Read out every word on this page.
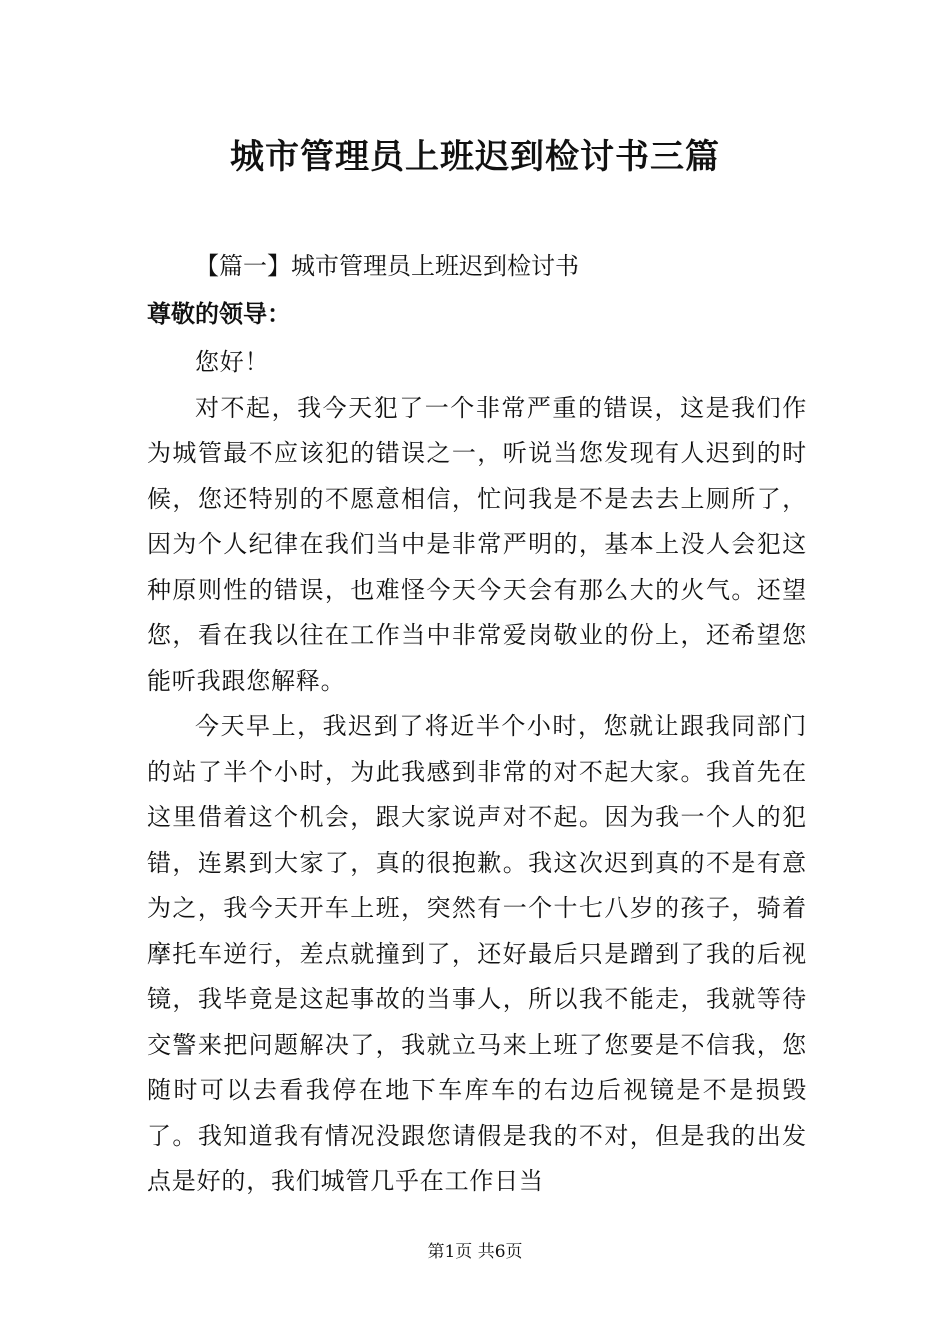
城市管理员上班迟到检讨书三篇

【篇一】城市管理员上班迟到检讨书

尊敬的领导：

您好！

对不起，我今天犯了一个非常严重的错误，这是我们作为城管最不应该犯的错误之一，听说当您发现有人迟到的时候，您还特别的不愿意相信，忙问我是不是去去上厕所了，因为个人纪律在我们当中是非常严明的，基本上没人会犯这种原则性的错误，也难怪今天今天会有那么大的火气。还望您，看在我以往在工作当中非常爱岗敬业的份上，还希望您能听我跟您解释。

今天早上，我迟到了将近半个小时，您就让跟我同部门的站了半个小时，为此我感到非常的对不起大家。我首先在这里借着这个机会，跟大家说声对不起。因为我一个人的犯错，连累到大家了，真的很抱歉。我这次迟到真的不是有意为之，我今天开车上班，突然有一个十七八岁的孩子，骑着摩托车逆行，差点就撞到了，还好最后只是蹭到了我的后视镜，我毕竟是这起事故的当事人，所以我不能走，我就等待交警来把问题解决了，我就立马来上班了您要是不信我，您随时可以去看我停在地下车库车的右边后视镜是不是损毁了。我知道我有情况没跟您请假是我的不对，但是我的出发点是好的，我们城管几乎在工作日当

第1页 共6页
